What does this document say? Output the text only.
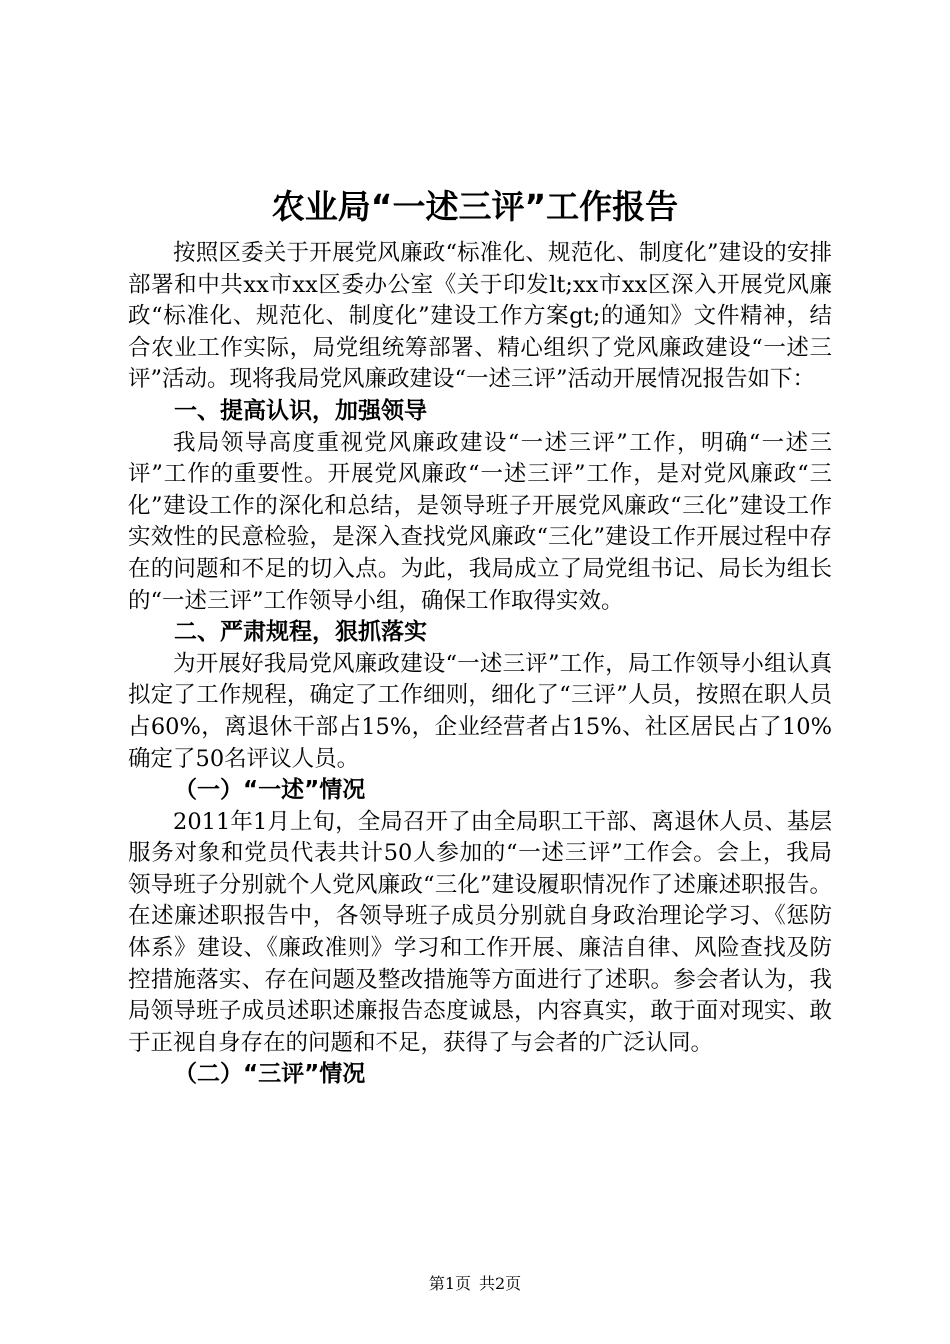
农业局“一述三评”工作报告

按照区委关于开展党风廉政“标准化、规范化、制度化”建设的安排部署和中共xx市xx区委办公室《关于印发lt;xx市xx区深入开展党风廉政“标准化、规范化、制度化”建设工作方案gt;的通知》文件精神，结合农业工作实际，局党组统筹部署、精心组织了党风廉政建设“一述三评”活动。现将我局党风廉政建设“一述三评”活动开展情况报告如下：

一、提高认识，加强领导

我局领导高度重视党风廉政建设“一述三评”工作，明确“一述三评”工作的重要性。开展党风廉政“一述三评”工作，是对党风廉政“三化”建设工作的深化和总结，是领导班子开展党风廉政“三化”建设工作实效性的民意检验，是深入查找党风廉政“三化”建设工作开展过程中存在的问题和不足的切入点。为此，我局成立了局党组书记、局长为组长的“一述三评”工作领导小组，确保工作取得实效。

二、严肃规程，狠抓落实

为开展好我局党风廉政建设“一述三评”工作，局工作领导小组认真拟定了工作规程，确定了工作细则，细化了“三评”人员，按照在职人员占60%，离退休干部占15%，企业经营者占15%、社区居民占了10%确定了50名评议人员。

（一）“一述”情况

2011年1月上旬，全局召开了由全局职工干部、离退休人员、基层服务对象和党员代表共计50人参加的“一述三评”工作会。会上，我局领导班子分别就个人党风廉政“三化”建设履职情况作了述廉述职报告。在述廉述职报告中，各领导班子成员分别就自身政治理论学习、《惩防体系》建设、《廉政准则》学习和工作开展、廉洁自律、风险查找及防控措施落实、存在问题及整改措施等方面进行了述职。参会者认为，我局领导班子成员述职述廉报告态度诚恳，内容真实，敢于面对现实、敢于正视自身存在的问题和不足，获得了与会者的广泛认同。

（二）“三评”情况

第1页 共2页
